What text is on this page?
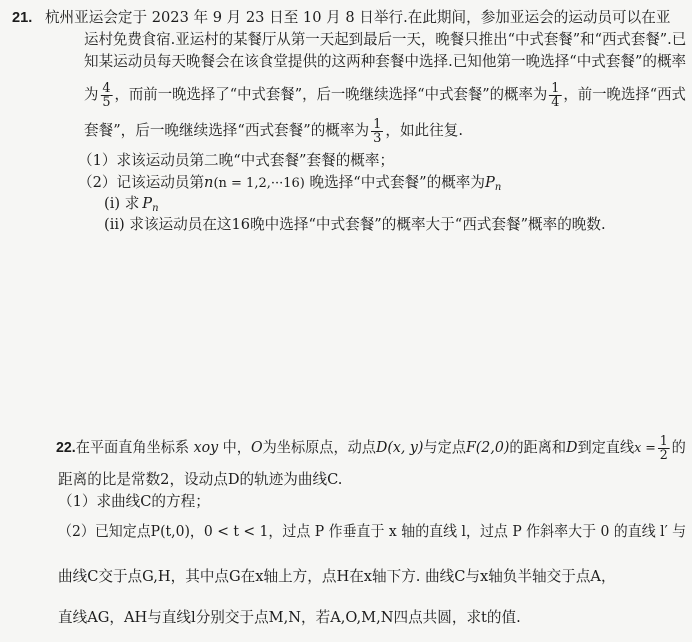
21. 杭州亚运会定于 2023 年 9 月 23 日至 10 月 8 日举行.在此期间，参加亚运会的运动员可以在亚
运村免费食宿.亚运村的某餐厅从第一天起到最后一天，晚餐只推出“中式套餐”和“西式套餐”.已
知某运动员每天晚餐会在该食堂提供的这两种套餐中选择.已知他第一晚选择“中式套餐”的概率
为 $\frac{4}{5}$ ，而前一晚选择了“中式套餐”，后一晚继续选择“中式套餐”的概率为 $\frac{1}{4}$ ，前一晚选择“西式
套餐”，后一晚继续选择“西式套餐”的概率为 $\frac{1}{3}$ ，如此往复.
（1）求该运动员第二晚“中式套餐”套餐的概率；
（2）记该运动员第n(n = 1,2,···16) 晚选择“中式套餐”的概率为$P_n$
(i) 求 $P_n$
(ii) 求该运动员在这16晚中选择“中式套餐”的概率大于“西式套餐”概率的晚数.
22.在平面直角坐标系 xoy 中，O为坐标原点，动点D(x, y)与定点F(2,0)的距离和D到定直线$x = \frac{1}{2}$ 的
距离的比是常数2，设动点D的轨迹为曲线C.
（1）求曲线C的方程；
（2）已知定点P(t,0)，0 < t < 1，过点 P 作垂直于 x 轴的直线 l，过点 P 作斜率大于 0 的直线 l′ 与
曲线C交于点G,H，其中点G在x轴上方，点H在x轴下方. 曲线C与x轴负半轴交于点A，
直线AG，AH与直线l分别交于点M,N，若A,O,M,N四点共圆，求t的值.
